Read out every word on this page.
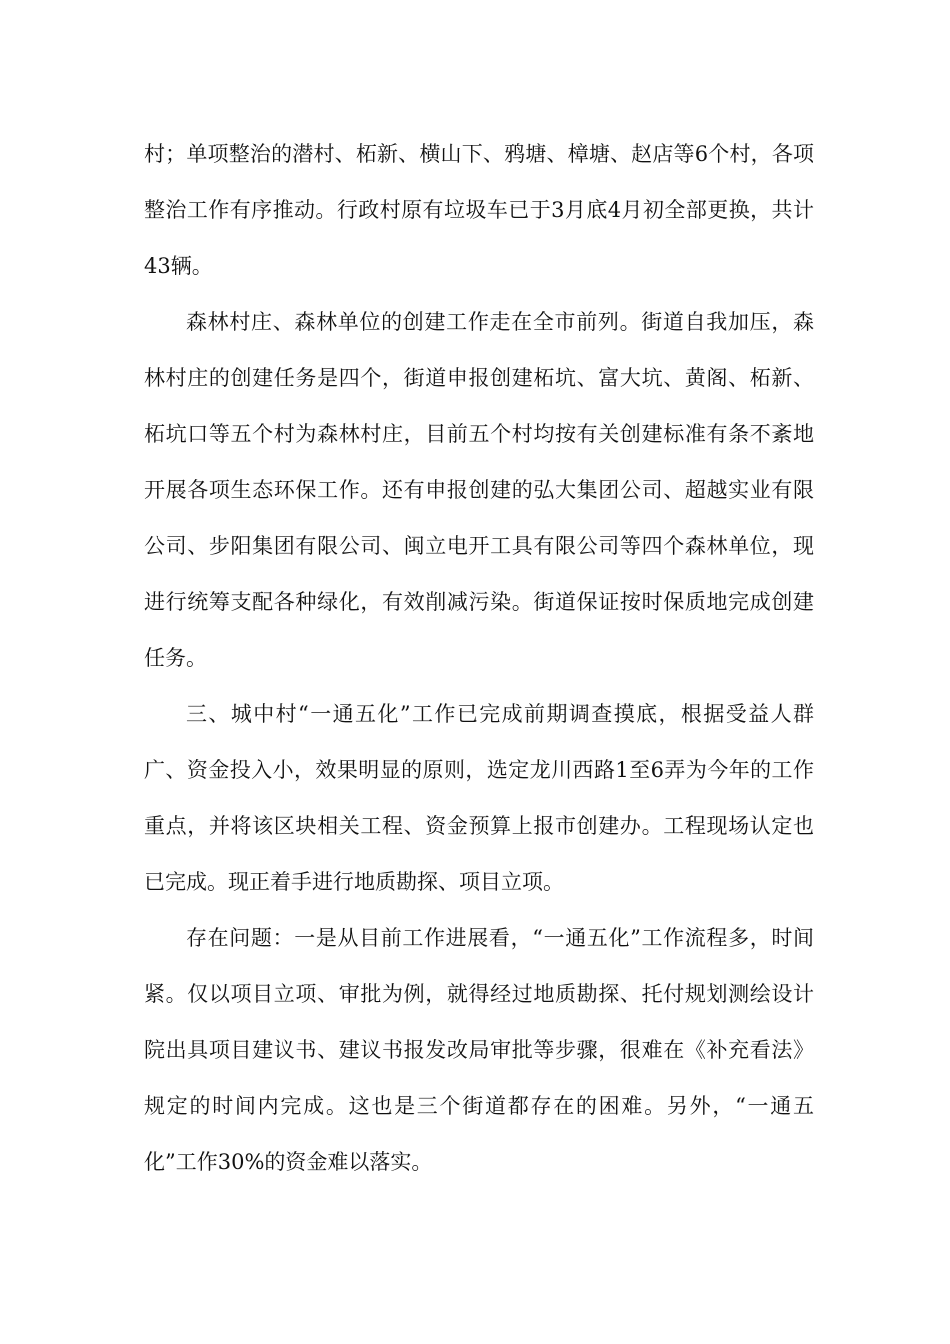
村；单项整治的潜村、柘新、横山下、鸦塘、樟塘、赵店等6个村，各项整治工作有序推动。行政村原有垃圾车已于3月底4月初全部更换，共计43辆。

森林村庄、森林单位的创建工作走在全市前列。街道自我加压，森林村庄的创建任务是四个，街道申报创建柘坑、富大坑、黄阁、柘新、柘坑口等五个村为森林村庄，目前五个村均按有关创建标准有条不紊地开展各项生态环保工作。还有申报创建的弘大集团公司、超越实业有限公司、步阳集团有限公司、闽立电开工具有限公司等四个森林单位，现进行统筹支配各种绿化，有效削减污染。街道保证按时保质地完成创建任务。

三、城中村“一通五化”工作已完成前期调查摸底，根据受益人群广、资金投入小，效果明显的原则，选定龙川西路1至6弄为今年的工作重点，并将该区块相关工程、资金预算上报市创建办。工程现场认定也已完成。现正着手进行地质勘探、项目立项。

存在问题：一是从目前工作进展看，“一通五化”工作流程多，时间紧。仅以项目立项、审批为例，就得经过地质勘探、托付规划测绘设计院出具项目建议书、建议书报发改局审批等步骤，很难在《补充看法》规定的时间内完成。这也是三个街道都存在的困难。另外，“一通五化”工作30%的资金难以落实。
